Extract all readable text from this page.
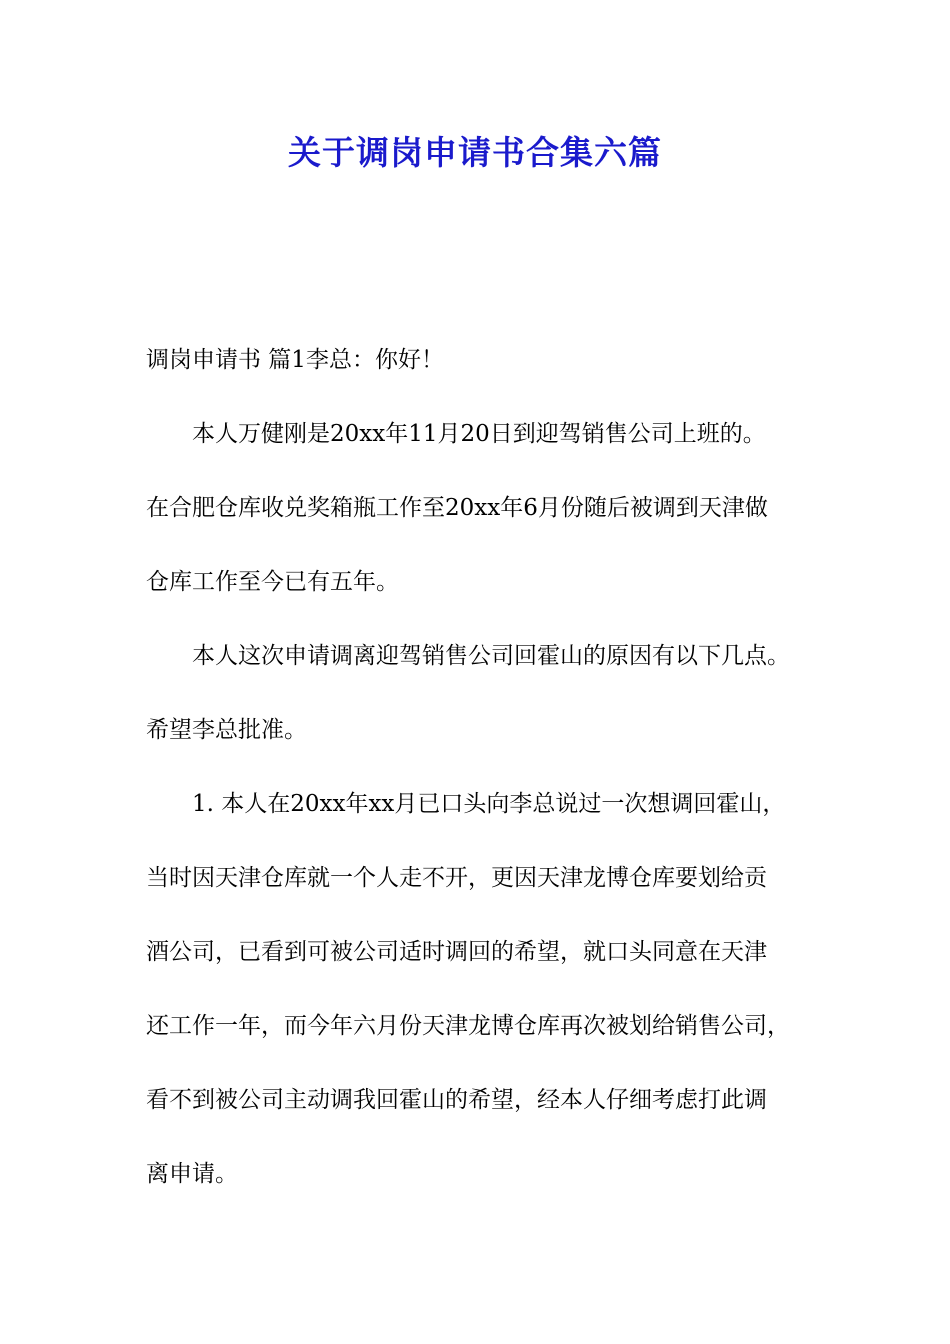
关于调岗申请书合集六篇
调岗申请书 篇1李总：你好！
本人万健刚是20xx年11月20日到迎驾销售公司上班的。
在合肥仓库收兑奖箱瓶工作至20xx年6月份随后被调到天津做
仓库工作至今已有五年。
本人这次申请调离迎驾销售公司回霍山的原因有以下几点。
希望李总批准。
1. 本人在20xx年xx月已口头向李总说过一次想调回霍山，
当时因天津仓库就一个人走不开，更因天津龙博仓库要划给贡
酒公司，已看到可被公司适时调回的希望，就口头同意在天津
还工作一年，而今年六月份天津龙博仓库再次被划给销售公司，
看不到被公司主动调我回霍山的希望，经本人仔细考虑打此调
离申请。
